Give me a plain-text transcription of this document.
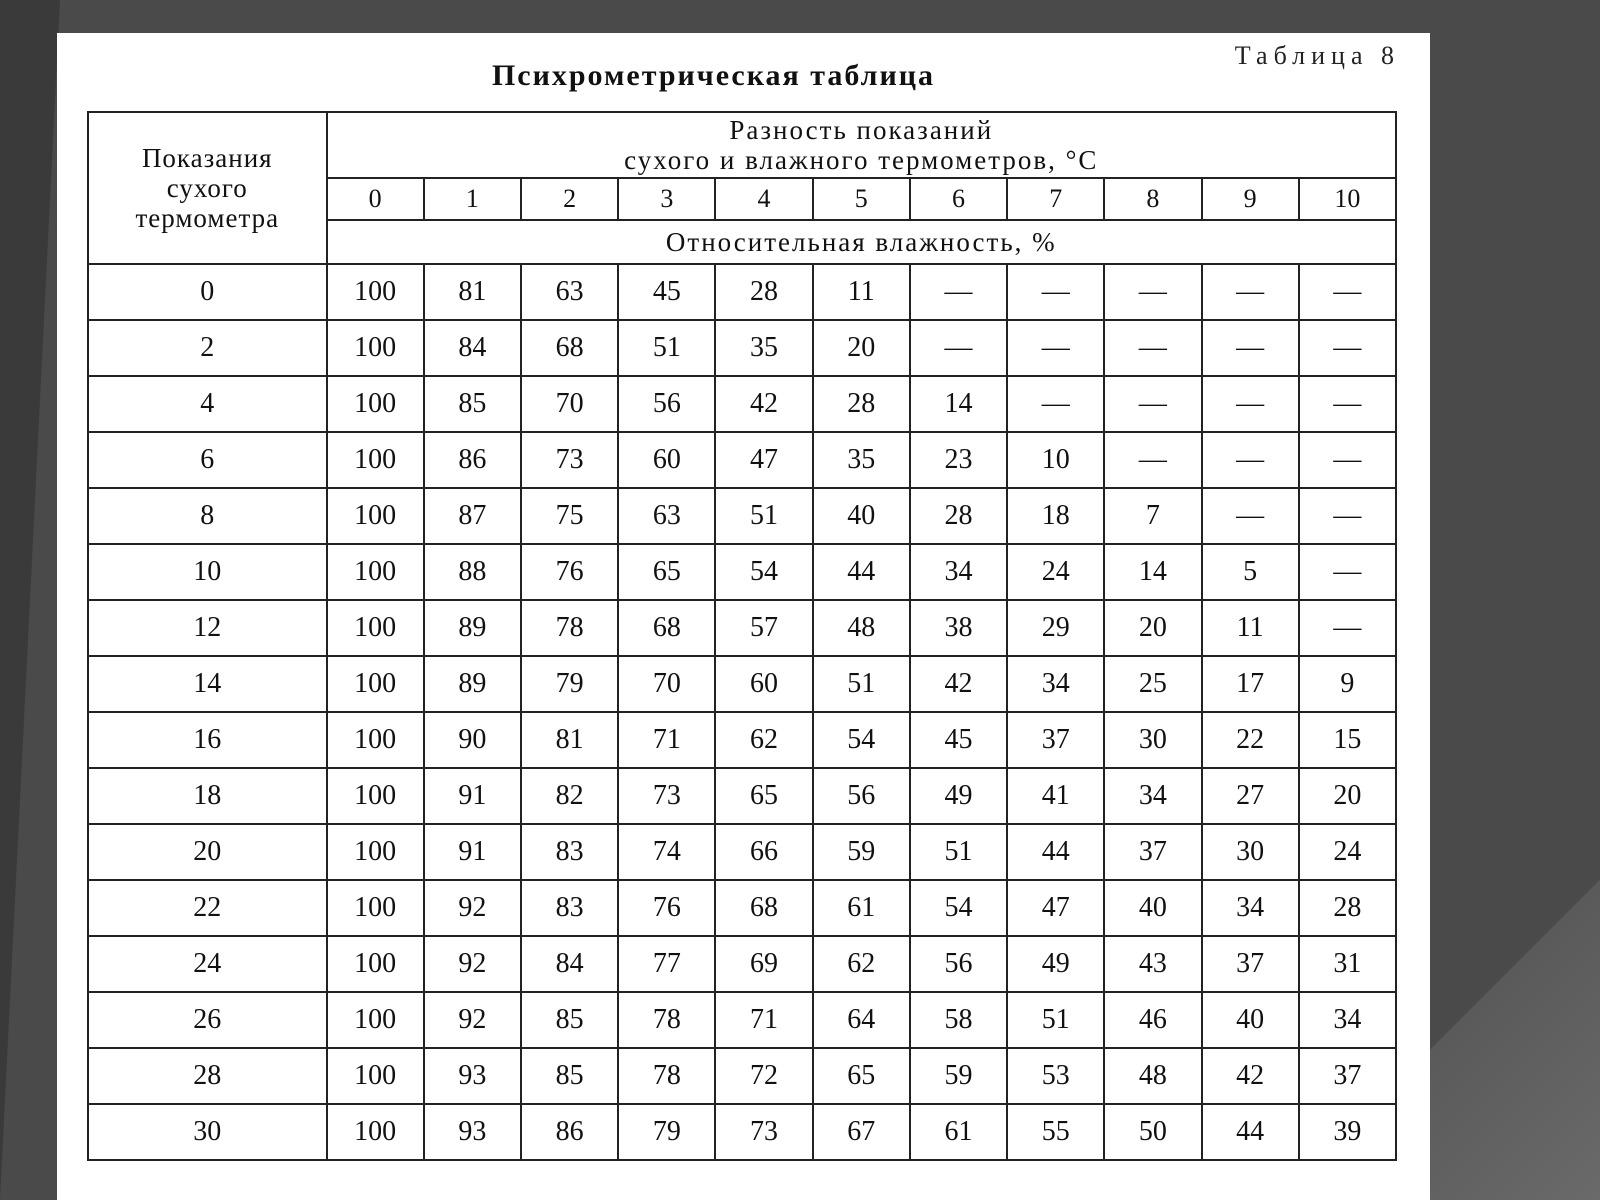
Таблица 8
Психрометрическая таблица
Показания
сухого
термометра	Разность показаний
сухого и влажного термометров, °С										
	0	1	2	3	4	5	6	7	8	9	10
	Относительная влажность, %										
0	100	81	63	45	28	11	—	—	—	—	—
2	100	84	68	51	35	20	—	—	—	—	—
4	100	85	70	56	42	28	14	—	—	—	—
6	100	86	73	60	47	35	23	10	—	—	—
8	100	87	75	63	51	40	28	18	7	—	—
10	100	88	76	65	54	44	34	24	14	5	—
12	100	89	78	68	57	48	38	29	20	11	—
14	100	89	79	70	60	51	42	34	25	17	9
16	100	90	81	71	62	54	45	37	30	22	15
18	100	91	82	73	65	56	49	41	34	27	20
20	100	91	83	74	66	59	51	44	37	30	24
22	100	92	83	76	68	61	54	47	40	34	28
24	100	92	84	77	69	62	56	49	43	37	31
26	100	92	85	78	71	64	58	51	46	40	34
28	100	93	85	78	72	65	59	53	48	42	37
30	100	93	86	79	73	67	61	55	50	44	39
